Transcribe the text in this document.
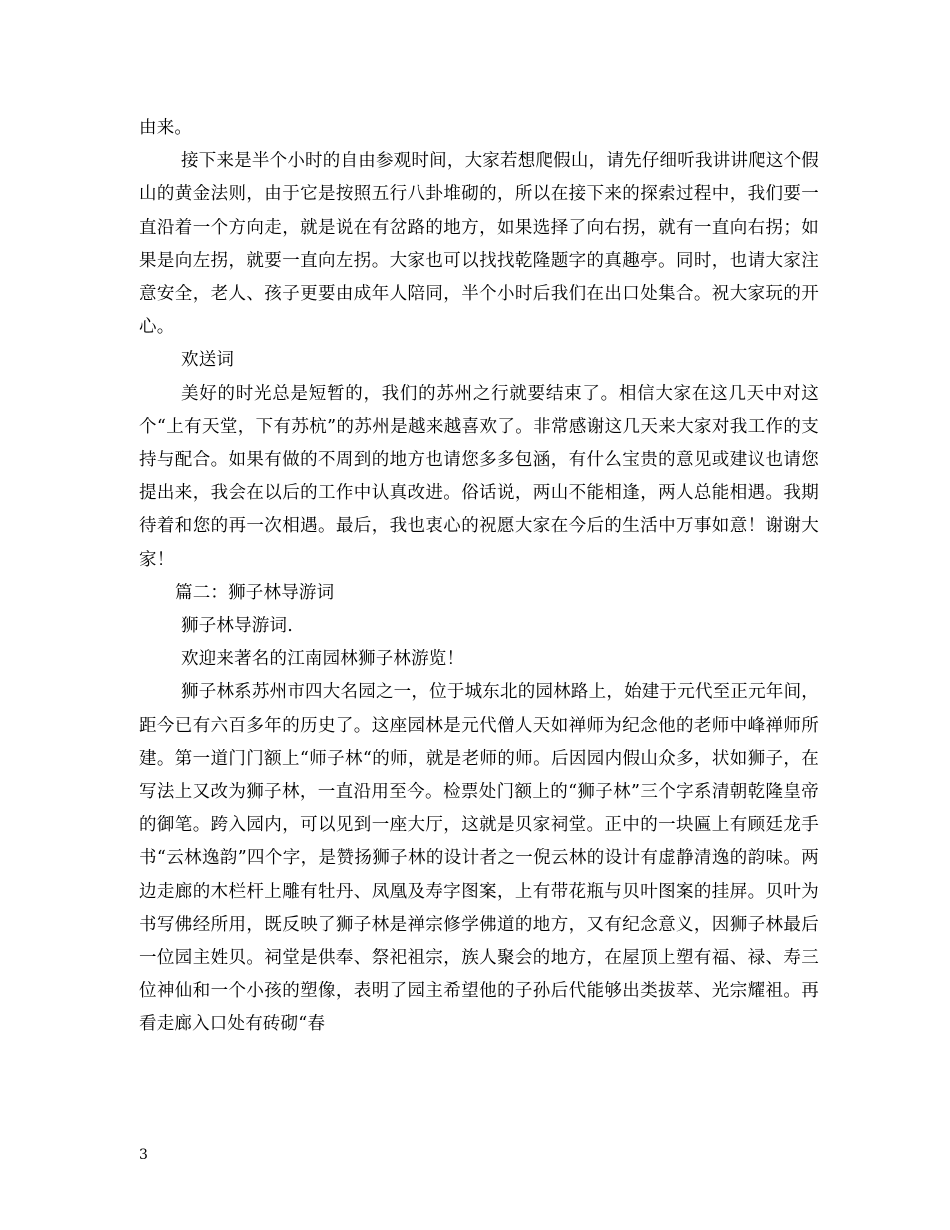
由来。

接下来是半个小时的自由参观时间，大家若想爬假山，请先仔细听我讲讲爬这个假山的黄金法则，由于它是按照五行八卦堆砌的，所以在接下来的探索过程中，我们要一直沿着一个方向走，就是说在有岔路的地方，如果选择了向右拐，就有一直向右拐；如果是向左拐，就要一直向左拐。大家也可以找找乾隆题字的真趣亭。同时，也请大家注意安全，老人、孩子更要由成年人陪同，半个小时后我们在出口处集合。祝大家玩的开心。

欢送词

美好的时光总是短暂的，我们的苏州之行就要结束了。相信大家在这几天中对这个“上有天堂，下有苏杭”的苏州是越来越喜欢了。非常感谢这几天来大家对我工作的支持与配合。如果有做的不周到的地方也请您多多包涵，有什么宝贵的意见或建议也请您提出来，我会在以后的工作中认真改进。俗话说，两山不能相逢，两人总能相遇。我期待着和您的再一次相遇。最后，我也衷心的祝愿大家在今后的生活中万事如意！谢谢大家！

篇二：狮子林导游词

狮子林导游词.

欢迎来著名的江南园林狮子林游览！

狮子林系苏州市四大名园之一，位于城东北的园林路上，始建于元代至正元年间，距今已有六百多年的历史了。这座园林是元代僧人天如禅师为纪念他的老师中峰禅师所建。第一道门门额上“师子林“的师，就是老师的师。后因园内假山众多，状如狮子，在写法上又改为狮子林，一直沿用至今。检票处门额上的“狮子林”三个字系清朝乾隆皇帝的御笔。跨入园内，可以见到一座大厅，这就是贝家祠堂。正中的一块匾上有顾廷龙手书“云林逸韵”四个字，是赞扬狮子林的设计者之一倪云林的设计有虚静清逸的韵味。两边走廊的木栏杆上雕有牡丹、凤凰及寿字图案，上有带花瓶与贝叶图案的挂屏。贝叶为书写佛经所用，既反映了狮子林是禅宗修学佛道的地方，又有纪念意义，因狮子林最后一位园主姓贝。祠堂是供奉、祭祀祖宗，族人聚会的地方，在屋顶上塑有福、禄、寿三位神仙和一个小孩的塑像，表明了园主希望他的子孙后代能够出类拔萃、光宗耀祖。再看走廊入口处有砖砌“春

3
